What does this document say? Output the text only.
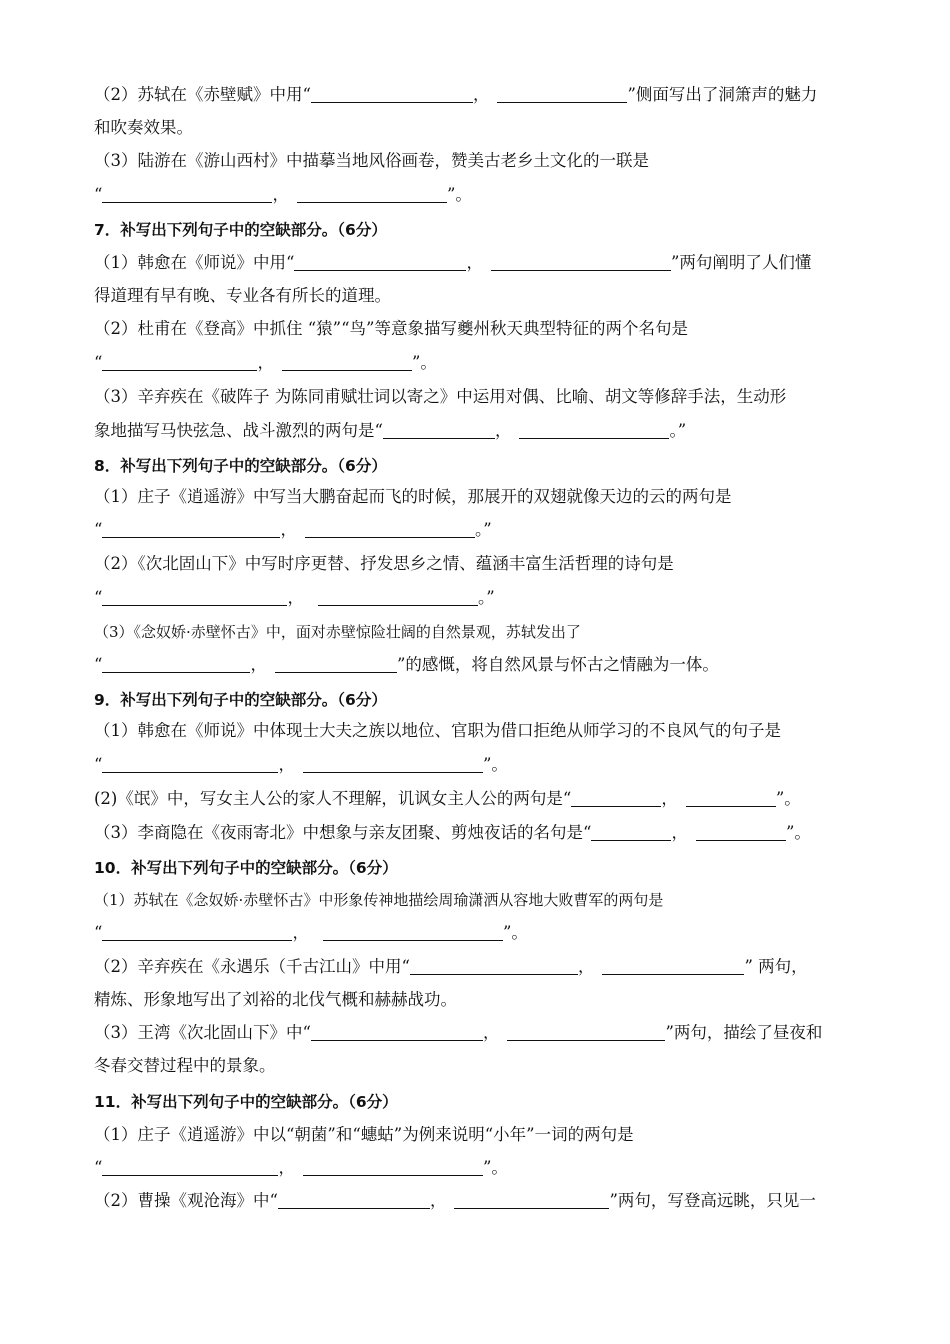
（2）苏轼在《赤壁赋》中用“	，	”侧面写出了洞箫声的魅力
和吹奏效果。
（3）陆游在《游山西村》中描摹当地风俗画卷，赞美古老乡土文化的一联是
“	，	”。
7．补写出下列句子中的空缺部分。（6分）
（1）韩愈在《师说》中用“	，	”两句阐明了人们懂
得道理有早有晚、专业各有所长的道理。
（2）杜甫在《登高》中抓住 “猿”“鸟”等意象描写夔州秋天典型特征的两个名句是
“	，	”。
（3）辛弃疾在《破阵子 为陈同甫赋壮词以寄之》中运用对偶、比喻、胡文等修辞手法，生动形
象地描写马快弦急、战斗激烈的两句是“	，	。”
8．补写出下列句子中的空缺部分。（6分）
（1）庄子《逍遥游》中写当大鹏奋起而飞的时候，那展开的双翅就像天边的云的两句是
“	，	。”
（2）《次北固山下》中写时序更替、抒发思乡之情、蕴涵丰富生活哲理的诗句是
“	，	。”
（3）《念奴娇·赤壁怀古》中，面对赤壁惊险壮阔的自然景观，苏轼发出了
“	，	”的感慨，将自然风景与怀古之情融为一体。
9．补写出下列句子中的空缺部分。（6分）
（1）韩愈在《师说》中体现士大夫之族以地位、官职为借口拒绝从师学习的不良风气的句子是
“	，	”。
(2)《氓》中，写女主人公的家人不理解，讥讽女主人公的两句是“	，	”。
（3）李商隐在《夜雨寄北》中想象与亲友团聚、剪烛夜话的名句是“	，	”。
10．补写出下列句子中的空缺部分。（6分）
（1）苏轼在《念奴娇·赤壁怀古》中形象传神地描绘周瑜潇洒从容地大败曹军的两句是
“	，	”。
（2）辛弃疾在《永遇乐（千古江山》中用“	，	” 两句，
精炼、形象地写出了刘裕的北伐气概和赫赫战功。
（3）王湾《次北固山下》中“	，	”两句，描绘了昼夜和
冬春交替过程中的景象。
11．补写出下列句子中的空缺部分。（6分）
（1）庄子《逍遥游》中以“朝菌”和“蟪蛄”为例来说明“小年”一词的两句是
“	，	”。
（2）曹操《观沧海》中“	，	”两句，写登高远眺，只见一
